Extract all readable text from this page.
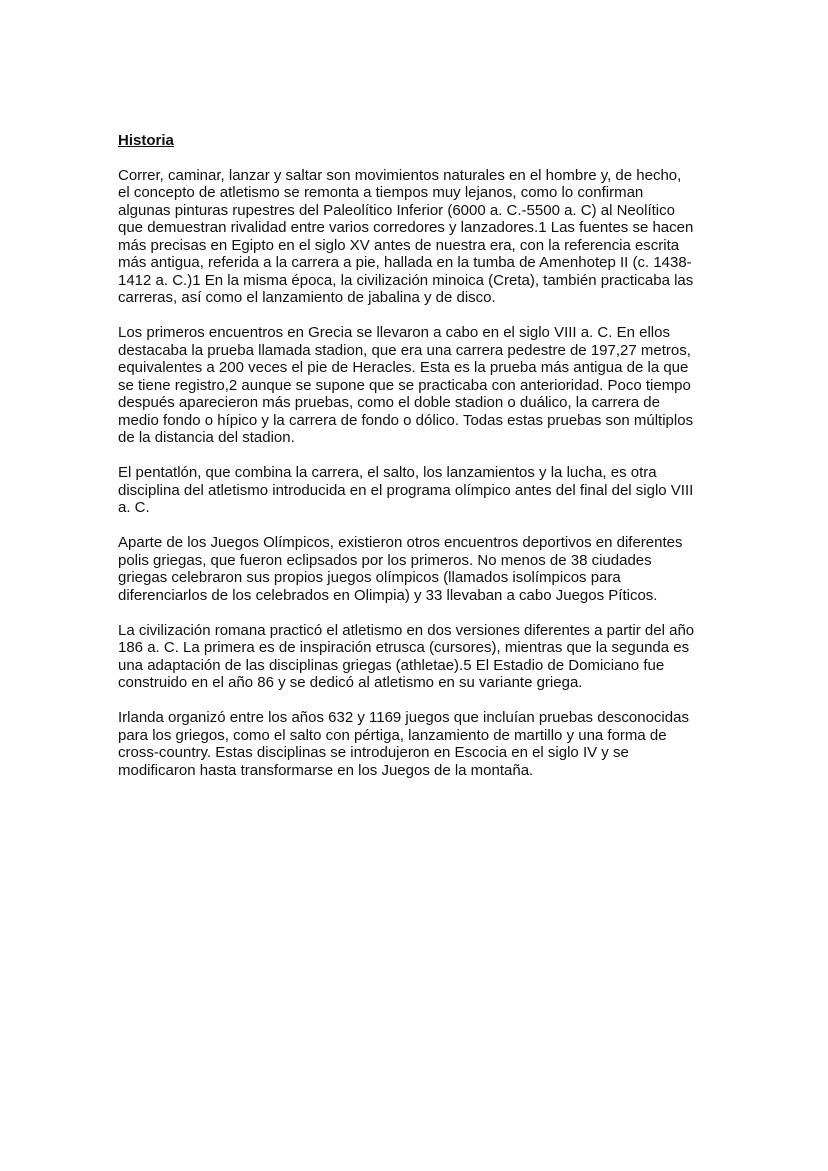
Historia
Correr, caminar, lanzar y saltar son movimientos naturales en el hombre y, de hecho,
el concepto de atletismo se remonta a tiempos muy lejanos, como lo confirman
algunas pinturas rupestres del Paleolítico Inferior (6000 a. C.-5500 a. C) al Neolítico
que demuestran rivalidad entre varios corredores y lanzadores.1 Las fuentes se hacen
más precisas en Egipto en el siglo XV antes de nuestra era, con la referencia escrita
más antigua, referida a la carrera a pie, hallada en la tumba de Amenhotep II (c. 1438-
1412 a. C.)1 En la misma época, la civilización minoica (Creta), también practicaba las
carreras, así como el lanzamiento de jabalina y de disco.
Los primeros encuentros en Grecia se llevaron a cabo en el siglo VIII a. C. En ellos
destacaba la prueba llamada stadion, que era una carrera pedestre de 197,27 metros,
equivalentes a 200 veces el pie de Heracles. Esta es la prueba más antigua de la que
se tiene registro,2 aunque se supone que se practicaba con anterioridad. Poco tiempo
después aparecieron más pruebas, como el doble stadion o duálico, la carrera de
medio fondo o hípico y la carrera de fondo o dólico. Todas estas pruebas son múltiplos
de la distancia del stadion.
El pentatlón, que combina la carrera, el salto, los lanzamientos y la lucha, es otra
disciplina del atletismo introducida en el programa olímpico antes del final del siglo VIII
a. C.
Aparte de los Juegos Olímpicos, existieron otros encuentros deportivos en diferentes
polis griegas, que fueron eclipsados por los primeros. No menos de 38 ciudades
griegas celebraron sus propios juegos olímpicos (llamados isolímpicos para
diferenciarlos de los celebrados en Olimpia) y 33 llevaban a cabo Juegos Píticos.
La civilización romana practicó el atletismo en dos versiones diferentes a partir del año
186 a. C. La primera es de inspiración etrusca (cursores), mientras que la segunda es
una adaptación de las disciplinas griegas (athletae).5 El Estadio de Domiciano fue
construido en el año 86 y se dedicó al atletismo en su variante griega.
Irlanda organizó entre los años 632 y 1169 juegos que incluían pruebas desconocidas
para los griegos, como el salto con pértiga, lanzamiento de martillo y una forma de
cross-country. Estas disciplinas se introdujeron en Escocia en el siglo IV y se
modificaron hasta transformarse en los Juegos de la montaña.
